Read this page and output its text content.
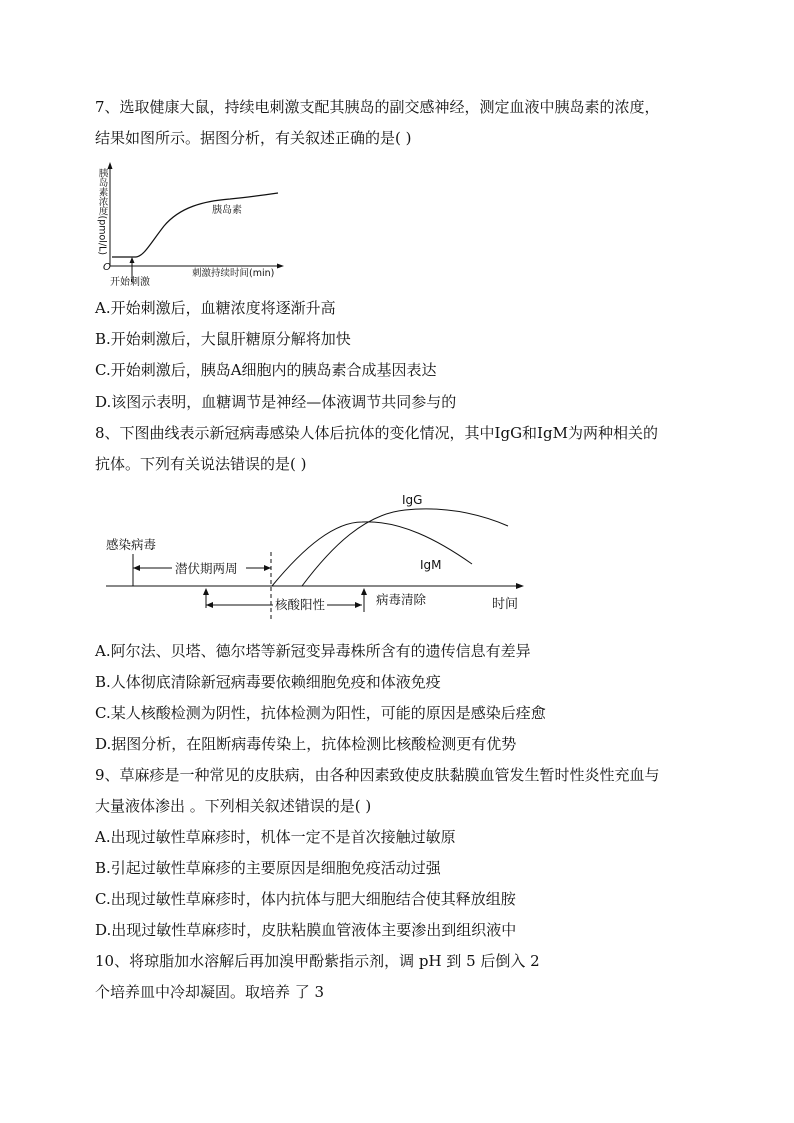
7、选取健康大鼠，持续电刺激支配其胰岛的副交感神经，测定血液中胰岛素的浓度，
结果如图所示。据图分析，有关叙述正确的是( )
胰岛素浓度(pmol/L)
O
胰岛素
开始刺激
刺激持续时间(min)
A.开始刺激后，血糖浓度将逐渐升高
B.开始刺激后，大鼠肝糖原分解将加快
C.开始刺激后，胰岛A细胞内的胰岛素合成基因表达
D.该图示表明，血糖调节是神经—体液调节共同参与的
8、下图曲线表示新冠病毒感染人体后抗体的变化情况，其中IgG和IgM为两种相关的
抗体。下列有关说法错误的是( )
潜伏期两周
IgG
IgM
感染病毒
核酸阳性	病毒清除	时间
A.阿尔法、贝塔、德尔塔等新冠变异毒株所含有的遗传信息有差异
B.人体彻底清除新冠病毒要依赖细胞免疫和体液免疫
C.某人核酸检测为阴性，抗体检测为阳性，可能的原因是感染后痊愈
D.据图分析，在阻断病毒传染上，抗体检测比核酸检测更有优势
9、草麻疹是一种常见的皮肤病，由各种因素致使皮肤黏膜血管发生暂时性炎性充血与
大量液体渗出 。下列相关叙述错误的是( )
A.出现过敏性草麻疹时，机体一定不是首次接触过敏原
B.引起过敏性草麻疹的主要原因是细胞免疫活动过强
C.出现过敏性草麻疹时，体内抗体与肥大细胞结合使其释放组胺
D.出现过敏性草麻疹时，皮肤粘膜血管液体主要渗出到组织液中
10、将琼脂加水溶解后再加溴甲酚紫指示剂，调 pH 到 5 后倒入 2
个培养皿中冷却凝固。取培养 了 3
